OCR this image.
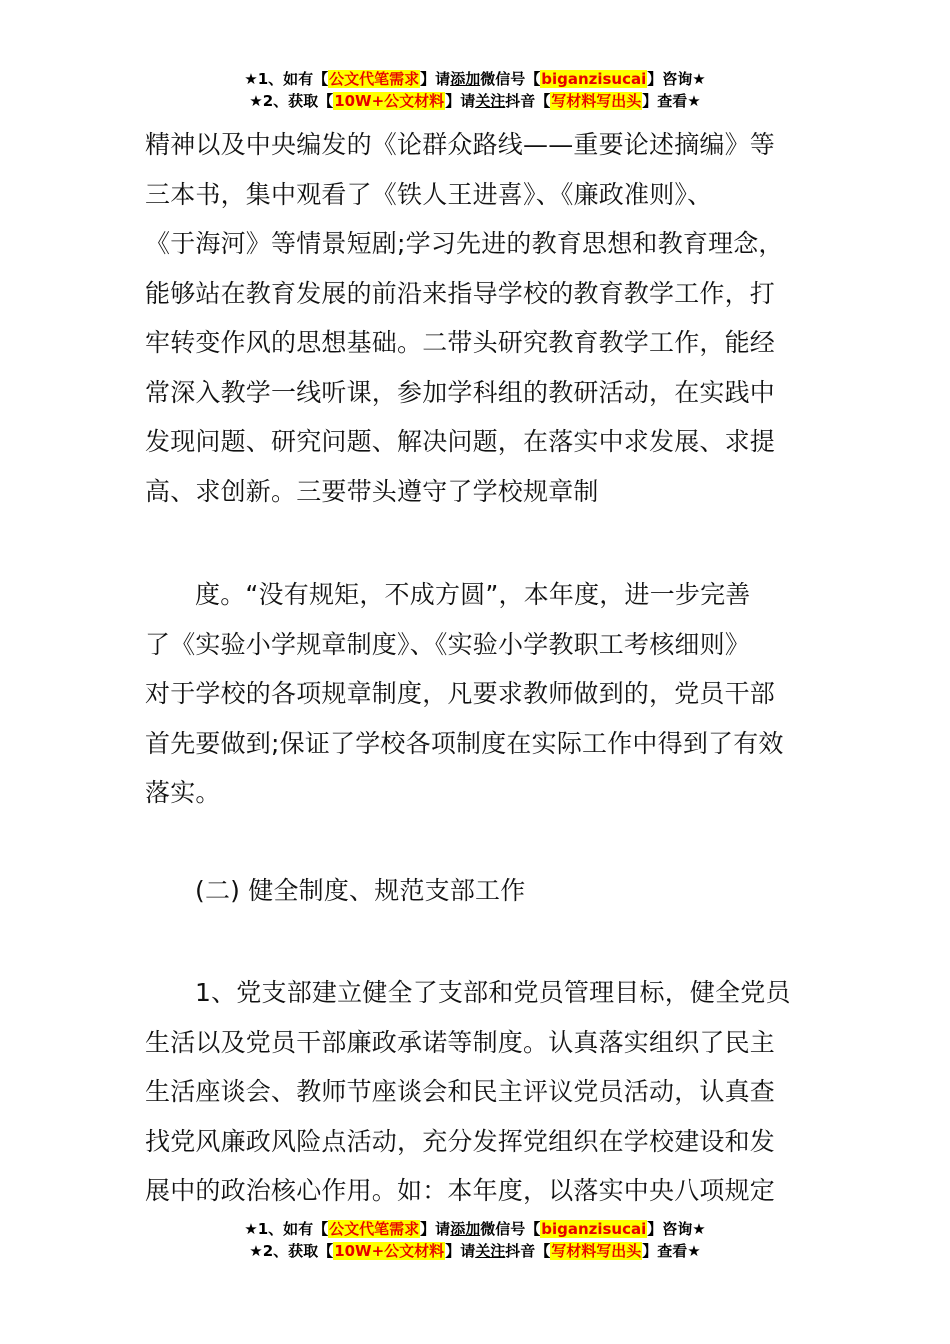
★1、如有【公文代笔需求】请添加微信号【biganzisucai】咨询★
★2、获取【10W+公文材料】请关注抖音【写材料写出头】查看★
精神以及中央编发的《论群众路线——重要论述摘编》等
三本书，集中观看了《铁人王进喜》、《廉政准则》、
《于海河》等情景短剧;学习先进的教育思想和教育理念，
能够站在教育发展的前沿来指导学校的教育教学工作，打
牢转变作风的思想基础。二带头研究教育教学工作，能经
常深入教学一线听课，参加学科组的教研活动，在实践中
发现问题、研究问题、解决问题，在落实中求发展、求提
高、求创新。三要带头遵守了学校规章制
度。“没有规矩，不成方圆”，本年度，进一步完善
了《实验小学规章制度》、《实验小学教职工考核细则》
对于学校的各项规章制度，凡要求教师做到的，党员干部
首先要做到;保证了学校各项制度在实际工作中得到了有效
落实。
(二) 健全制度、规范支部工作
1、党支部建立健全了支部和党员管理目标，健全党员
生活以及党员干部廉政承诺等制度。认真落实组织了民主
生活座谈会、教师节座谈会和民主评议党员活动，认真查
找党风廉政风险点活动，充分发挥党组织在学校建设和发
展中的政治核心作用。如：本年度，以落实中央八项规定
★1、如有【公文代笔需求】请添加微信号【biganzisucai】咨询★
★2、获取【10W+公文材料】请关注抖音【写材料写出头】查看★
